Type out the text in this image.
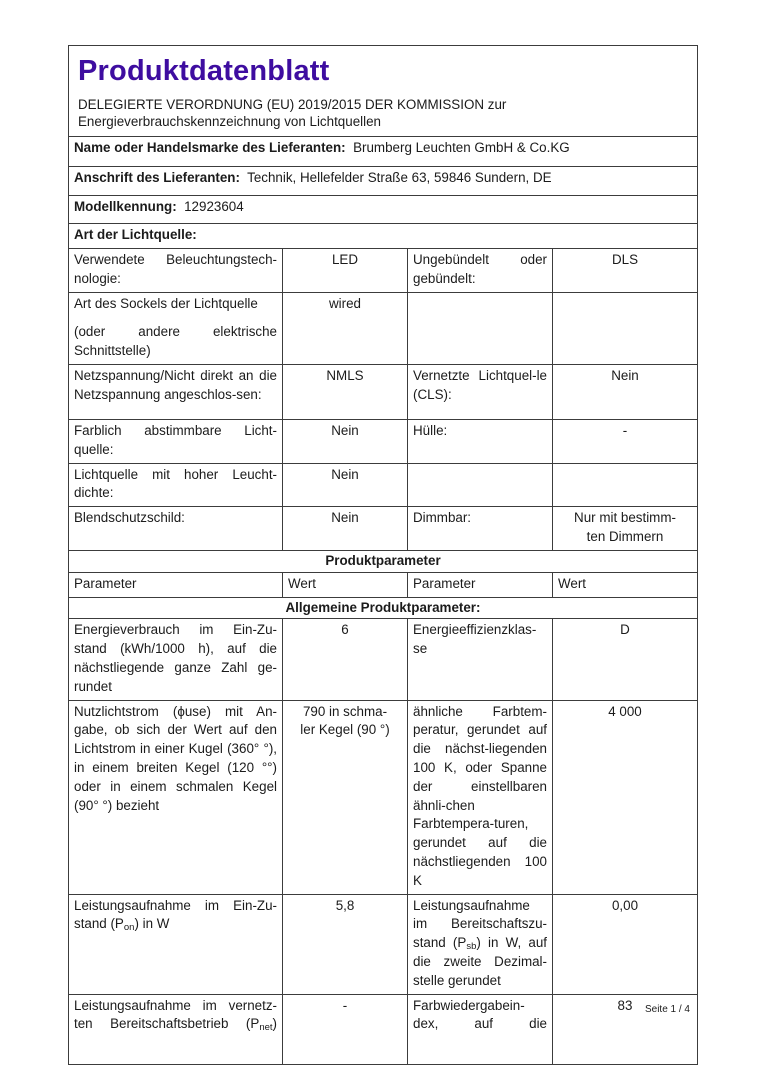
Produktdatenblatt
DELEGIERTE VERORDNUNG (EU) 2019/2015 DER KOMMISSION zur
Energieverbrauchskennzeichnung von Lichtquellen			

Name oder Handelsmarke des Lieferanten: Brumberg Leuchten GmbH & Co.KG			
Anschrift des Lieferanten: Technik, Hellefelder Straße 63, 59846 Sundern, DE			
Modellkennung: 12923604			
Art der Lichtquelle:			
Verwendete Beleuchtungstech-nologie:	LED	Ungebündelt oder gebündelt:	DLS
Art des Sockels der Lichtquelle
(oder andere elektrische Schnittstelle)	wired		
Netzspannung/Nicht direkt an die Netzspannung angeschlos-sen:	NMLS	Vernetzte Lichtquel-le (CLS):	Nein
Farblich abstimmbare Licht-quelle:	Nein	Hülle:	-
Lichtquelle mit hoher Leucht-dichte:	Nein		
Blendschutzschild:	Nein	Dimmbar:	Nur mit bestimm-
ten Dimmern

Produktparameter			
Parameter	Wert	Parameter	Wert
Allgemeine Produktparameter:			
Energieverbrauch im Ein-Zu-stand (kWh/1000 h), auf die nächstliegende ganze Zahl ge-rundet	6	Energieeffizienzklas-se	D
Nutzlichtstrom (ϕuse) mit An-gabe, ob sich der Wert auf den Lichtstrom in einer Kugel (360° °), in einem breiten Kegel (120 °°) oder in einem schmalen Kegel (90° °) bezieht	790 in schma-
ler Kegel (90 °)	ähnliche Farbtem-peratur, gerundet auf die nächst-liegenden 100 K, oder Spanne der einstellbaren ähnli-chen Farbtempera-turen, gerundet auf die nächstliegenden 100 K	4 000
Leistungsaufnahme im Ein-Zu-stand $(P_{on})$ in W	5,8	Leistungsaufnahme im Bereitschaftszu-stand $(P_{sb})$ in W, auf die zweite Dezimal-stelle gerundet	0,00
Leistungsaufnahme im vernetz-ten Bereitschaftsbetrieb $(P_{net})$	-	Farbwiedergabein-dex, auf die	83 Seite 1 / 4
